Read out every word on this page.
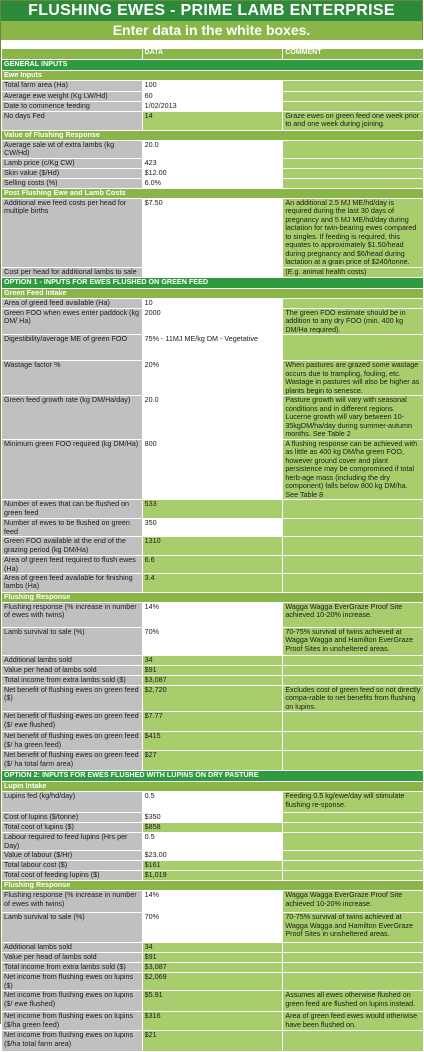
FLUSHING EWES - PRIME LAMB ENTERPRISE
Enter data in the white boxes.

	DATA	COMMENT
GENERAL INPUTS		
Ewe Inputs		
Total farm area (Ha)	100	
Average ewe weight (Kg LW/Hd)	60	
Date to commence feeding	1/02/2013	
No days Fed	14	Graze ewes on green feed one week prior to and one week during joining.
Value of Flushing Response		
Average sale wt of extra lambs (kg CW/Hd)	20.0	
Lamb price (c/Kg CW)	423	
Skin value ($/Hd)	$12.00	
Selling costs (%)	6.0%	
Post Flushing Ewe and Lamb Costs		
Additional ewe feed costs per head for multiple births	$7.50	An additional 2.5 MJ ME/hd/day is required during the last 30 days of pregnancy and 5 MJ ME/hd/day during lactation for twin-bearing ewes compared to singles. If feeding is required, this equates to approximately $1.50/head during pregnancy and $6/head during lactation at a grain price of $240/tonne.
Cost per head for additional lambs to sale		(E.g. animal health costs)
OPTION 1 - INPUTS FOR EWES FLUSHED ON GREEN FEED		
Green Feed Intake		
Area of greed feed available (Ha)	10	
Green FOO when ewes enter paddock (kg DM/ Ha)	2000	The green FOO estimate should be in addition to any dry FOO (min. 400 kg DM/Ha required).
Digestibility/average ME of green FOO	75% - 11MJ ME/kg DM - Vegetative	
Wastage factor %	20%	When pastures are grazed some wastage occurs due to trampling, fouling, etc. Wastage in pastures will also be higher as plants begin to senesce.
Green feed growth rate (kg DM/Ha/day)	20.0	Pasture growth will vary with seasonal conditions and in different regions. Lucerne growth will vary between 10-35kgDM/ha/day during summer-autumn months. See Table 2
Minimum green FOO required (kg DM/Ha)	800	A flushing response can be achieved with as little as 400 kg DM/ha green FOO, however ground cover and plant persistence may be compromised if total herb-age mass (including the dry component) falls below 800 kg DM/ha. See Table 8
Number of ewes that can be flushed on green feed	533	
Number of ewes to be flushed on green feed	350	
Green FOO available at the end of the grazing period (kg DM/Ha)	1310	
Area of green feed required to flush ewes (Ha)	6.6	
Area of green feed available for finishing lambs (Ha)	3.4	
Flushing Response		
Flushing response (% increase in number of ewes with twins)	14%	Wagga Wagga EverGraze Proof Site achieved 10-20% increase.
Lamb survival to sale (%)	70%	70-75% survival of twins achieved at Wagga Wagga and Hamilton EverGraze Proof Sites in unsheltered areas.
Additional lambs sold	34	
Value per head of lambs sold	$91	
Total income from extra lambs sold ($)	$3,087	
Net benefit of flushing ewes on green feed ($)	$2,720	Excludes cost of green feed so not directly compa-rable to net benefits from flushing on lupins.
Net benefit of flushing ewes on green feed ($/ ewe flushed)	$7.77	
Net benefit of flushing ewes on green feed ($/ ha green feed)	$415	
Net benefit of flushing ewes on green feed ($/ ha total farm area)	$27	
OPTION 2: INPUTS FOR EWES FLUSHED WITH LUPINS ON DRY PASTURE		
Lupin Intake		
Lupins fed (kg/hd/day)	0.5	Feeding 0.5 kg/ewe/day will stimulate flushing re-sponse.
Cost of lupins ($/tonne)	$350	
Total cost of lupins ($)	$858	
Labour required to feed lupins (Hrs per Day)	0.5	
Value of labour ($/Hr)	$23.00	
Total labour cost ($)	$161	
Total cost of feeding lupins ($)	$1,019	
Flushing Response		
Flushing response (% increase in number of ewes with twins)	14%	Wagga Wagga EverGraze Proof Site achieved 10-20% increase.
Lamb survival to sale (%)	70%	70-75% survival of twins achieved at Wagga Wagga and Hamilton EverGraze Proof Sites in unsheltered areas.
Additional lambs sold	34	
Value per head of lambs sold	$91	
Total income from extra lambs sold ($)	$3,087	
Net income from flushing ewes on lupins ($)	$2,069	
Net income from flushing ewes on lupins ($/ ewe flushed)	$5.91	Assumes all ewes otherwise flushed on green feed are flushed on lupins instead.
Net income from flushing ewes on lupins ($/ha green feed)	$316	Area of green feed ewes would otherwise have been flushed on.
Net income from flushing ewes on lupins ($/ha total farm area)	$21	
